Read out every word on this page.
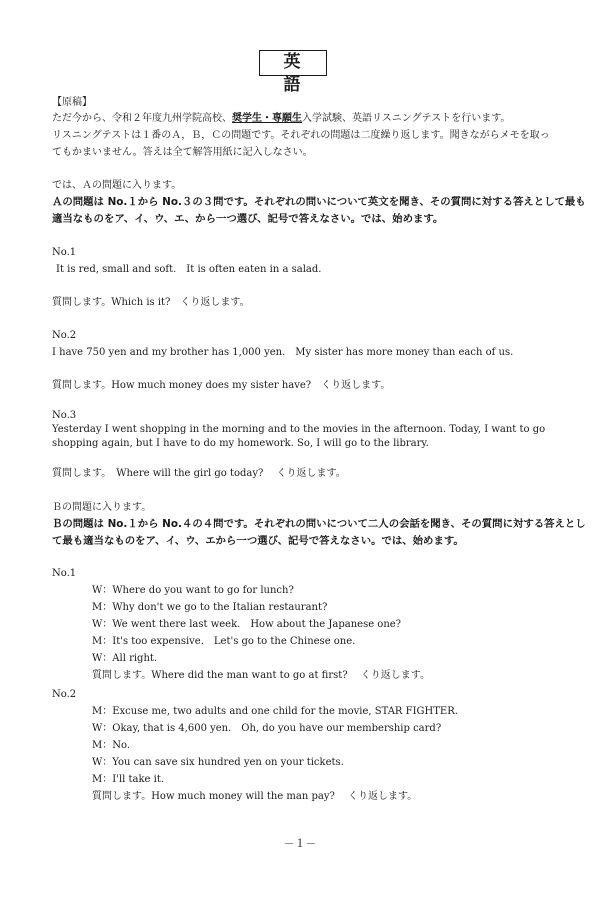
英　語
【原稿】
ただ今から、令和２年度九州学院高校、奨学生・専願生入学試験、英語リスニングテストを行います。
リスニングテストは１番のＡ，Ｂ，Ｃの問題です。それぞれの問題は二度繰り返します。聞きながらメモを取っ
てもかまいません。答えは全て解答用紙に記入しなさい。
では、Ａの問題に入ります。
Ａの問題は No.１から No.３の３問です。それぞれの問いについて英文を聞き、その質問に対する答えとして最も
適当なものをア、イ、ウ、エ、から一つ選び、記号で答えなさい。では、始めます。
No.1
It is red, small and soft.　It is often eaten in a salad.
質問します。Which is it?　くり返します。
No.2
I have 750 yen and my brother has 1,000 yen.　My sister has more money than each of us.
質問します。How much money does my sister have?　くり返します。
No.3
Yesterday I went shopping in the morning and to the movies in the afternoon. Today, I want to go
shopping again, but I have to do my homework. So, I will go to the library.
質問します。　Where will the girl go today?　 くり返します。
Ｂの問題に入ります。
Ｂの問題は No.１から No.４の４問です。それぞれの問いについて二人の会話を聞き、その質問に対する答えとし
て最も適当なものをア、イ、ウ、エから一つ選び、記号で答えなさい。では、始めます。
No.1
W：Where do you want to go for lunch?
M：Why don't we go to the Italian restaurant?
W：We went there last week.　How about the Japanese one?
M：It's too expensive.　Let's go to the Chinese one.
W：All right.
質問します。Where did the man want to go at first?　 くり返します。
No.2
M：Excuse me, two adults and one child for the movie, STAR FIGHTER.
W：Okay, that is 4,600 yen.　Oh, do you have our membership card?
M：No.
W：You can save six hundred yen on your tickets.
M：I'll take it.
質問します。How much money will the man pay?　 くり返します。
－１－
